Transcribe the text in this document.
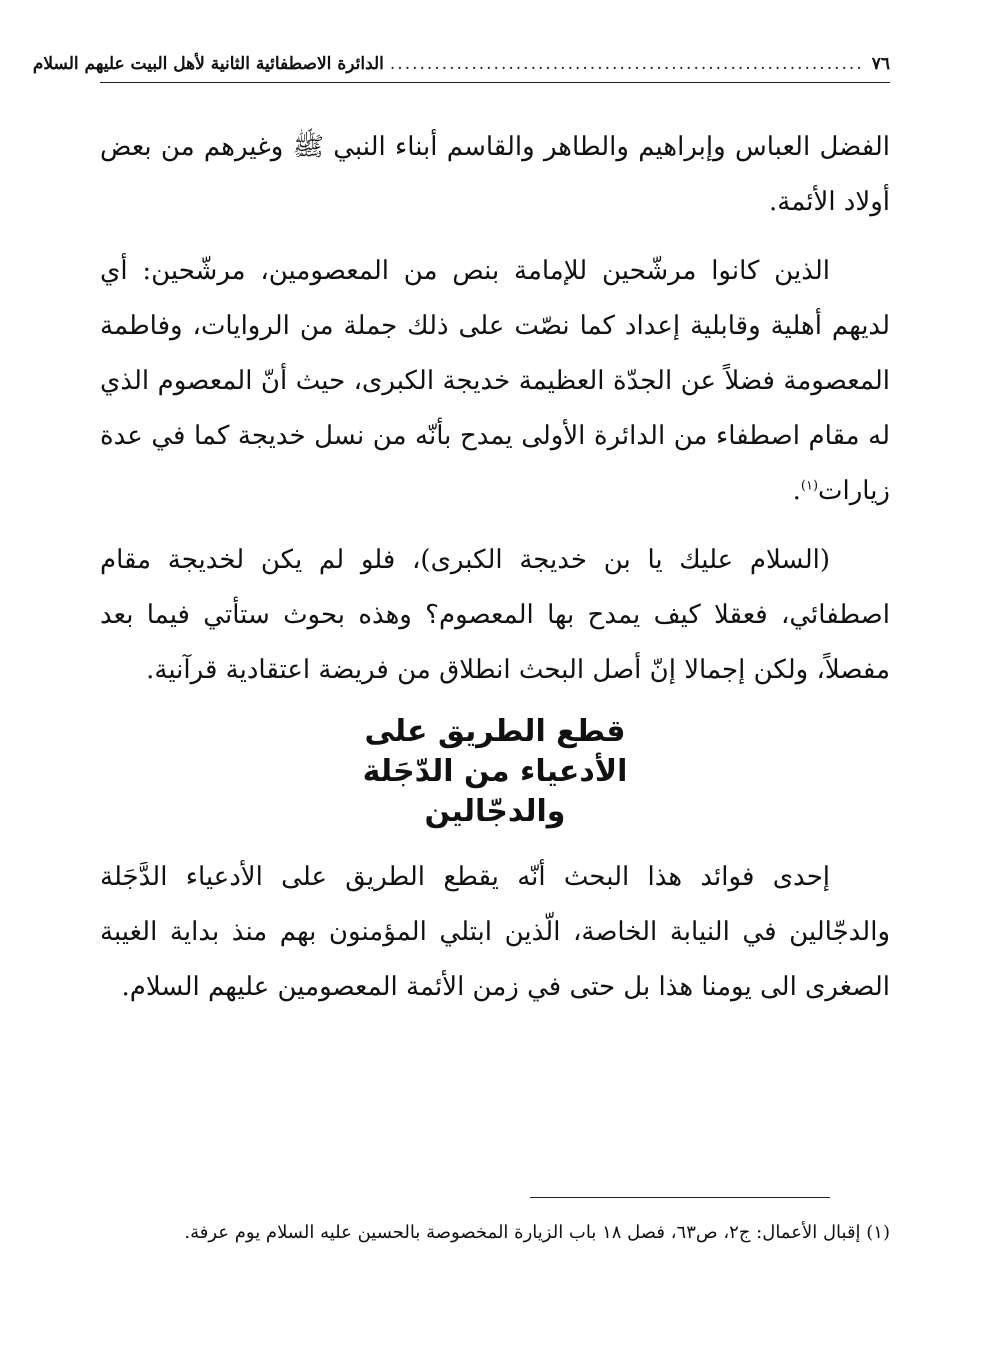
٧٦
................................................................
الدائرة الاصطفائية الثانية لأهل البيت عليهم السلام

الفضل العباس وإبراهيم والطاهر والقاسم أبناء النبي ﷺ وغيرهم من بعض أولاد الأئمة.

الذين كانوا مرشّحين للإمامة بنص من المعصومين، مرشّحين: أي لديهم أهلية وقابلية إعداد كما نصّت على ذلك جملة من الروايات، وفاطمة المعصومة فضلاً عن الجدّة العظيمة خديجة الكبرى، حيث أنّ المعصوم الذي له مقام اصطفاء من الدائرة الأولى يمدح بأنّه من نسل خديجة كما في عدة زيارات$^{(١)}$.

(السلام عليك يا بن خديجة الكبرى)، فلو لم يكن لخديجة مقام اصطفائي، فعقلا كيف يمدح بها المعصوم؟ وهذه بحوث ستأتي فيما بعد مفصلاً، ولكن إجمالا إنّ أصل البحث انطلاق من فريضة اعتقادية قرآنية.

قطع الطريق على
الأدعياء من الدّجَلة
والدجّالين

إحدى فوائد هذا البحث أنّه يقطع الطريق على الأدعياء الدَّجَلة والدجّالين في النيابة الخاصة، الّذين ابتلي المؤمنون بهم منذ بداية الغيبة الصغرى الى يومنا هذا بل حتى في زمن الأئمة المعصومين عليهم السلام.

(١) إقبال الأعمال: ج٢، ص٦٣، فصل ١٨ باب الزيارة المخصوصة بالحسين عليه السلام يوم عرفة.
